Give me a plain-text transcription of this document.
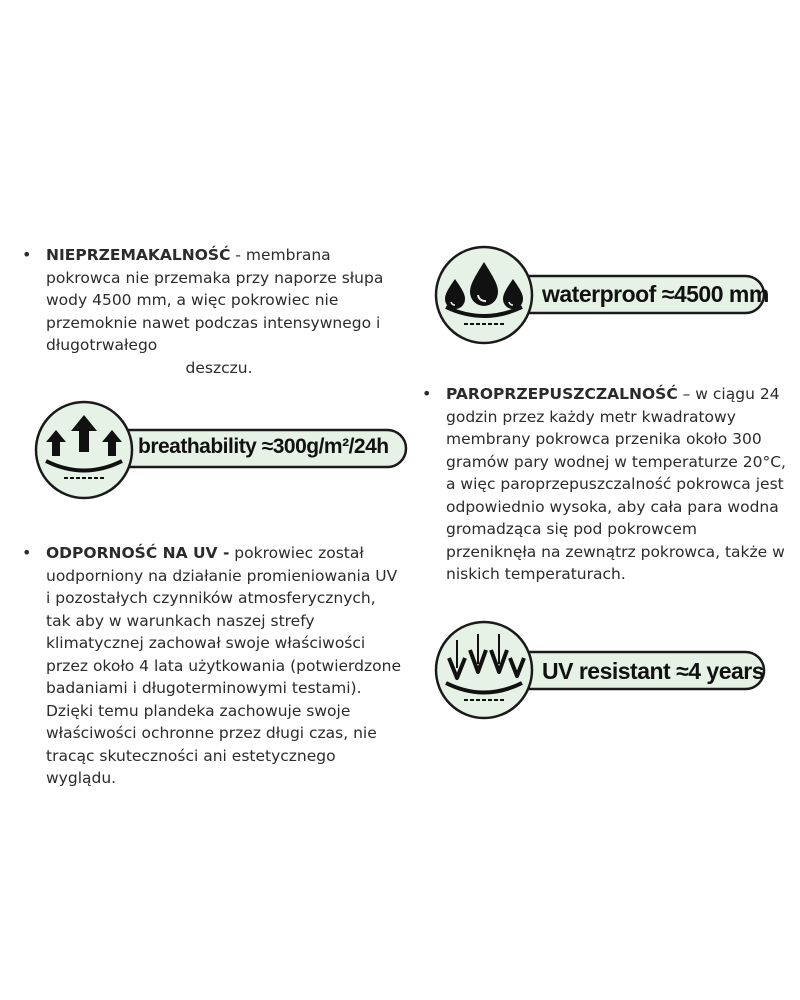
• NIEPRZEMAKALNOŚĆ - membrana pokrowca nie przemaka przy naporze słupa wody 4500 mm, a więc pokrowiec nie przemoknie nawet podczas intensywnego i długotrwałego
deszczu.
waterproof ≈4500 mm
breathability ≈300g/m²/24h
• PAROPRZEPUSZCZALNOŚĆ – w ciągu 24 godzin przez każdy metr kwadratowy membrany pokrowca przenika około 300 gramów pary wodnej w temperaturze 20°C, a więc paroprzepuszczalność pokrowca jest odpowiednio wysoka, aby cała para wodna gromadząca się pod pokrowcem przeniknęła na zewnątrz pokrowca, także w niskich temperaturach.
• ODPORNOŚĆ NA UV - pokrowiec został uodporniony na działanie promieniowania UV i pozostałych czynników atmosferycznych, tak aby w warunkach naszej strefy klimatycznej zachował swoje właściwości przez około 4 lata użytkowania (potwierdzone badaniami i długoterminowymi testami). Dzięki temu plandeka zachowuje swoje właściwości ochronne przez długi czas, nie tracąc skuteczności ani estetycznego wyglądu.
UV resistant ≈4 years
